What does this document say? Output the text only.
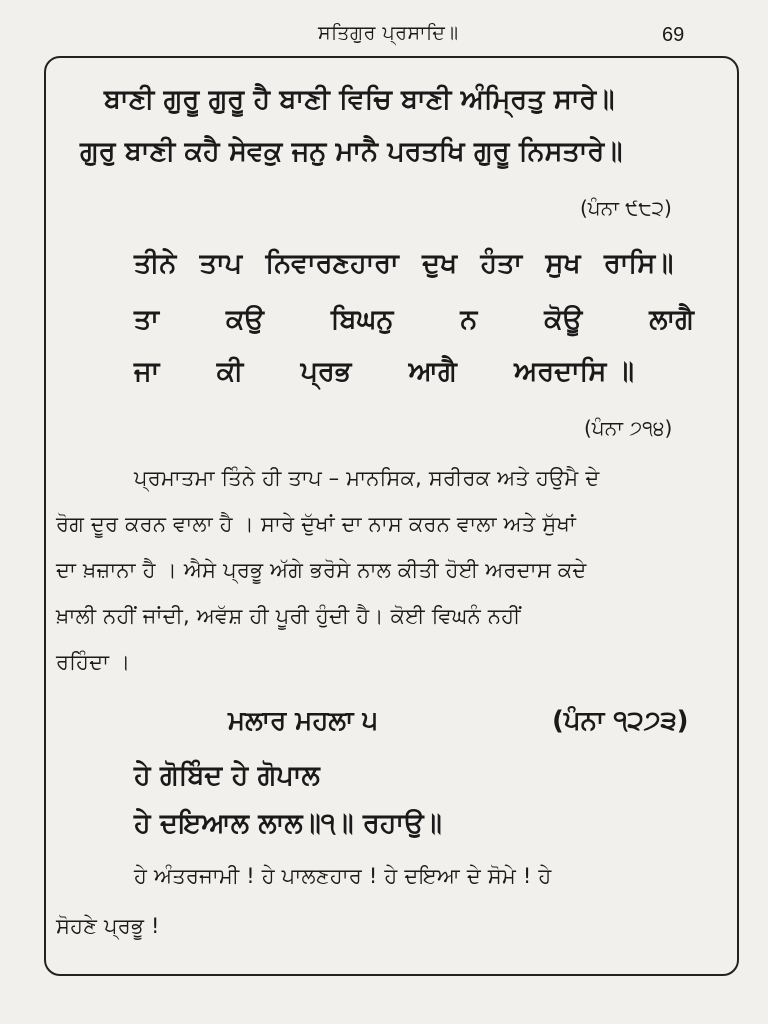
ਸਤਿਗੁਰ ਪ੍ਰਸਾਦਿ॥	69
ਬਾਣੀ ਗੁਰੂ ਗੁਰੂ ਹੈ ਬਾਣੀ ਵਿਚਿ ਬਾਣੀ ਅੰਮ੍ਰਿਤੁ ਸਾਰੇ॥
ਗੁਰੁ ਬਾਣੀ ਕਹੈ ਸੇਵਕੁ ਜਨੁ ਮਾਨੈ ਪਰਤਖਿ ਗੁਰੂ ਨਿਸਤਾਰੇ॥
(ਪੰਨਾ ੯੮੨)
ਤੀਨੇ ਤਾਪ ਨਿਵਾਰਣਹਾਰਾ ਦੁਖ ਹੰਤਾ ਸੁਖ ਰਾਸਿ॥
ਤਾ ਕਉ ਬਿਘਨੁ ਨ ਕੋਊ ਲਾਗੈ
ਜਾ ਕੀ ਪ੍ਰਭ ਆਗੈ ਅਰਦਾਸਿ ॥
(ਪੰਨਾ ੭੧੪)
ਪ੍ਰਮਾਤਮਾ ਤਿੰਨੇ ਹੀ ਤਾਪ – ਮਾਨਸਿਕ, ਸਰੀਰਕ ਅਤੇ ਹਉਮੈ ਦੇ
ਰੋਗ ਦੂਰ ਕਰਨ ਵਾਲਾ ਹੈ । ਸਾਰੇ ਦੁੱਖਾਂ ਦਾ ਨਾਸ ਕਰਨ ਵਾਲਾ ਅਤੇ ਸੁੱਖਾਂ
ਦਾ ਖ਼ਜ਼ਾਨਾ ਹੈ । ਐਸੇ ਪ੍ਰਭੂ ਅੱਗੇ ਭਰੋਸੇ ਨਾਲ ਕੀਤੀ ਹੋਈ ਅਰਦਾਸ ਕਦੇ
ਖ਼ਾਲੀ ਨਹੀਂ ਜਾਂਦੀ, ਅਵੱਸ਼ ਹੀ ਪੂਰੀ ਹੁੰਦੀ ਹੈ। ਕੋਈ ਵਿਘਨੰ ਨਹੀਂ
ਰਹਿੰਦਾ ।
ਮਲਾਰ ਮਹਲਾ ੫	(ਪੰਨਾ ੧੨੭੩)
ਹੇ ਗੋਬਿੰਦ ਹੇ ਗੋਪਾਲ
ਹੇ ਦਇਆਲ ਲਾਲ॥੧॥ ਰਹਾਉ॥
ਹੇ ਅੰਤਰਜਾਮੀ ! ਹੇ ਪਾਲਣਹਾਰ ! ਹੇ ਦਇਆ ਦੇ ਸੋਮੇ ! ਹੇ
ਸੋਹਣੇ ਪ੍ਰਭੂ !
